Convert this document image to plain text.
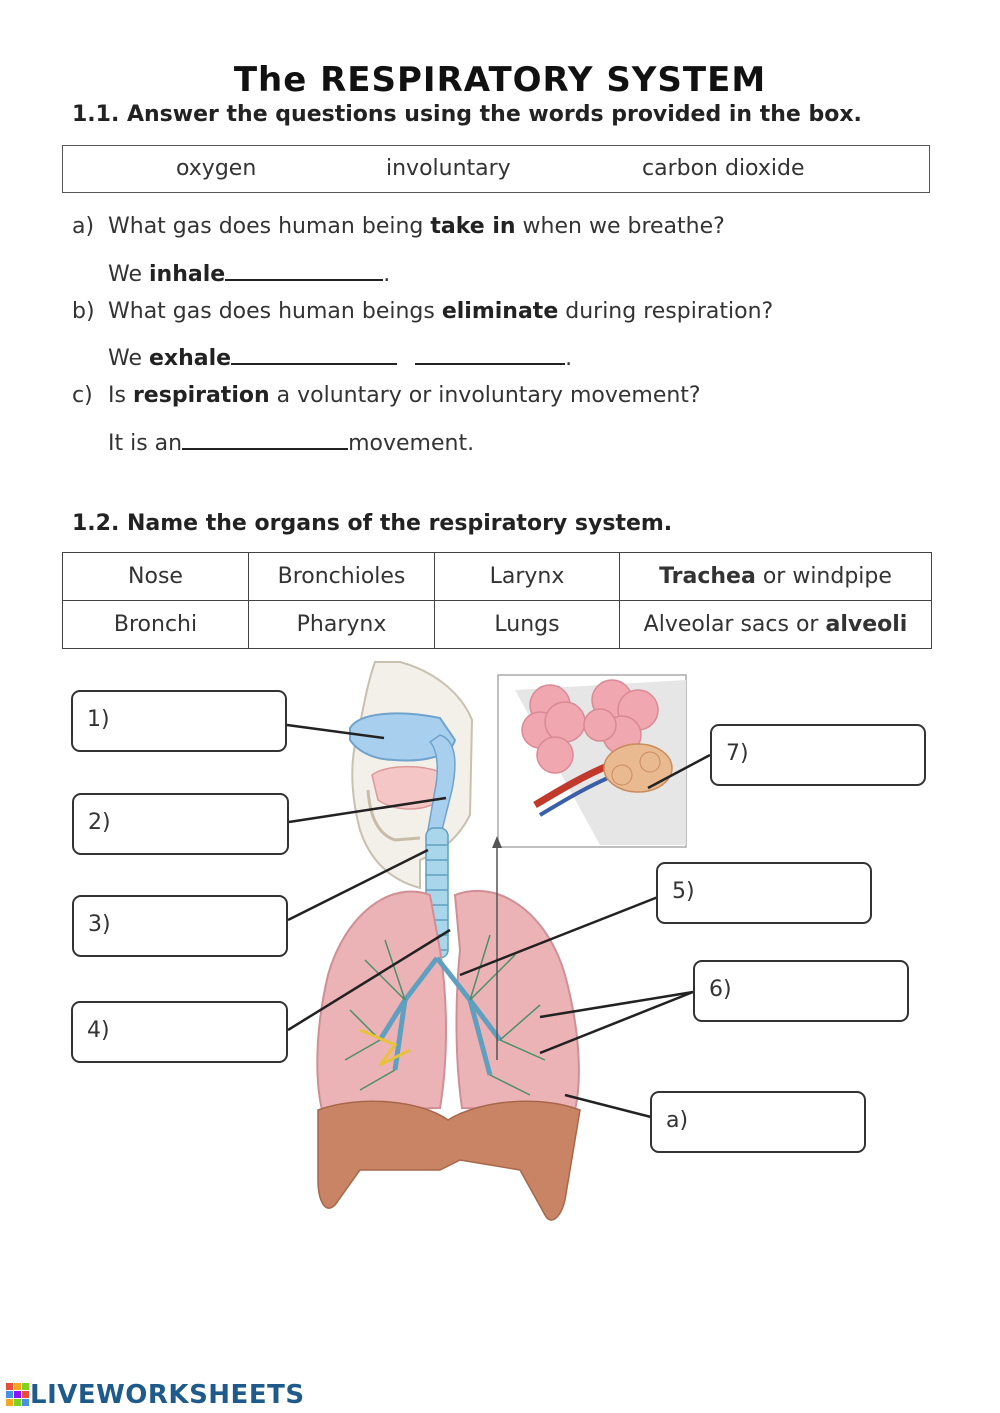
The RESPIRATORY SYSTEM
1.1. Answer the questions using the words provided in the box.
oxygen	involuntary	carbon dioxide
a) What gas does human being take in when we breathe?
We inhale	.
b) What gas does human beings eliminate during respiration?
We exhale	.
c) Is respiration a voluntary or involuntary movement?
It is an	movement.
1.2. Name the organs of the respiratory system.
Nose	Bronchioles	Larynx	Trachea or windpipe
Bronchi	Pharynx	Lungs	Alveolar sacs or alveoli
1)
2)
3)
4)
5)
6)
7)
a)
LIVEWORKSHEETS
